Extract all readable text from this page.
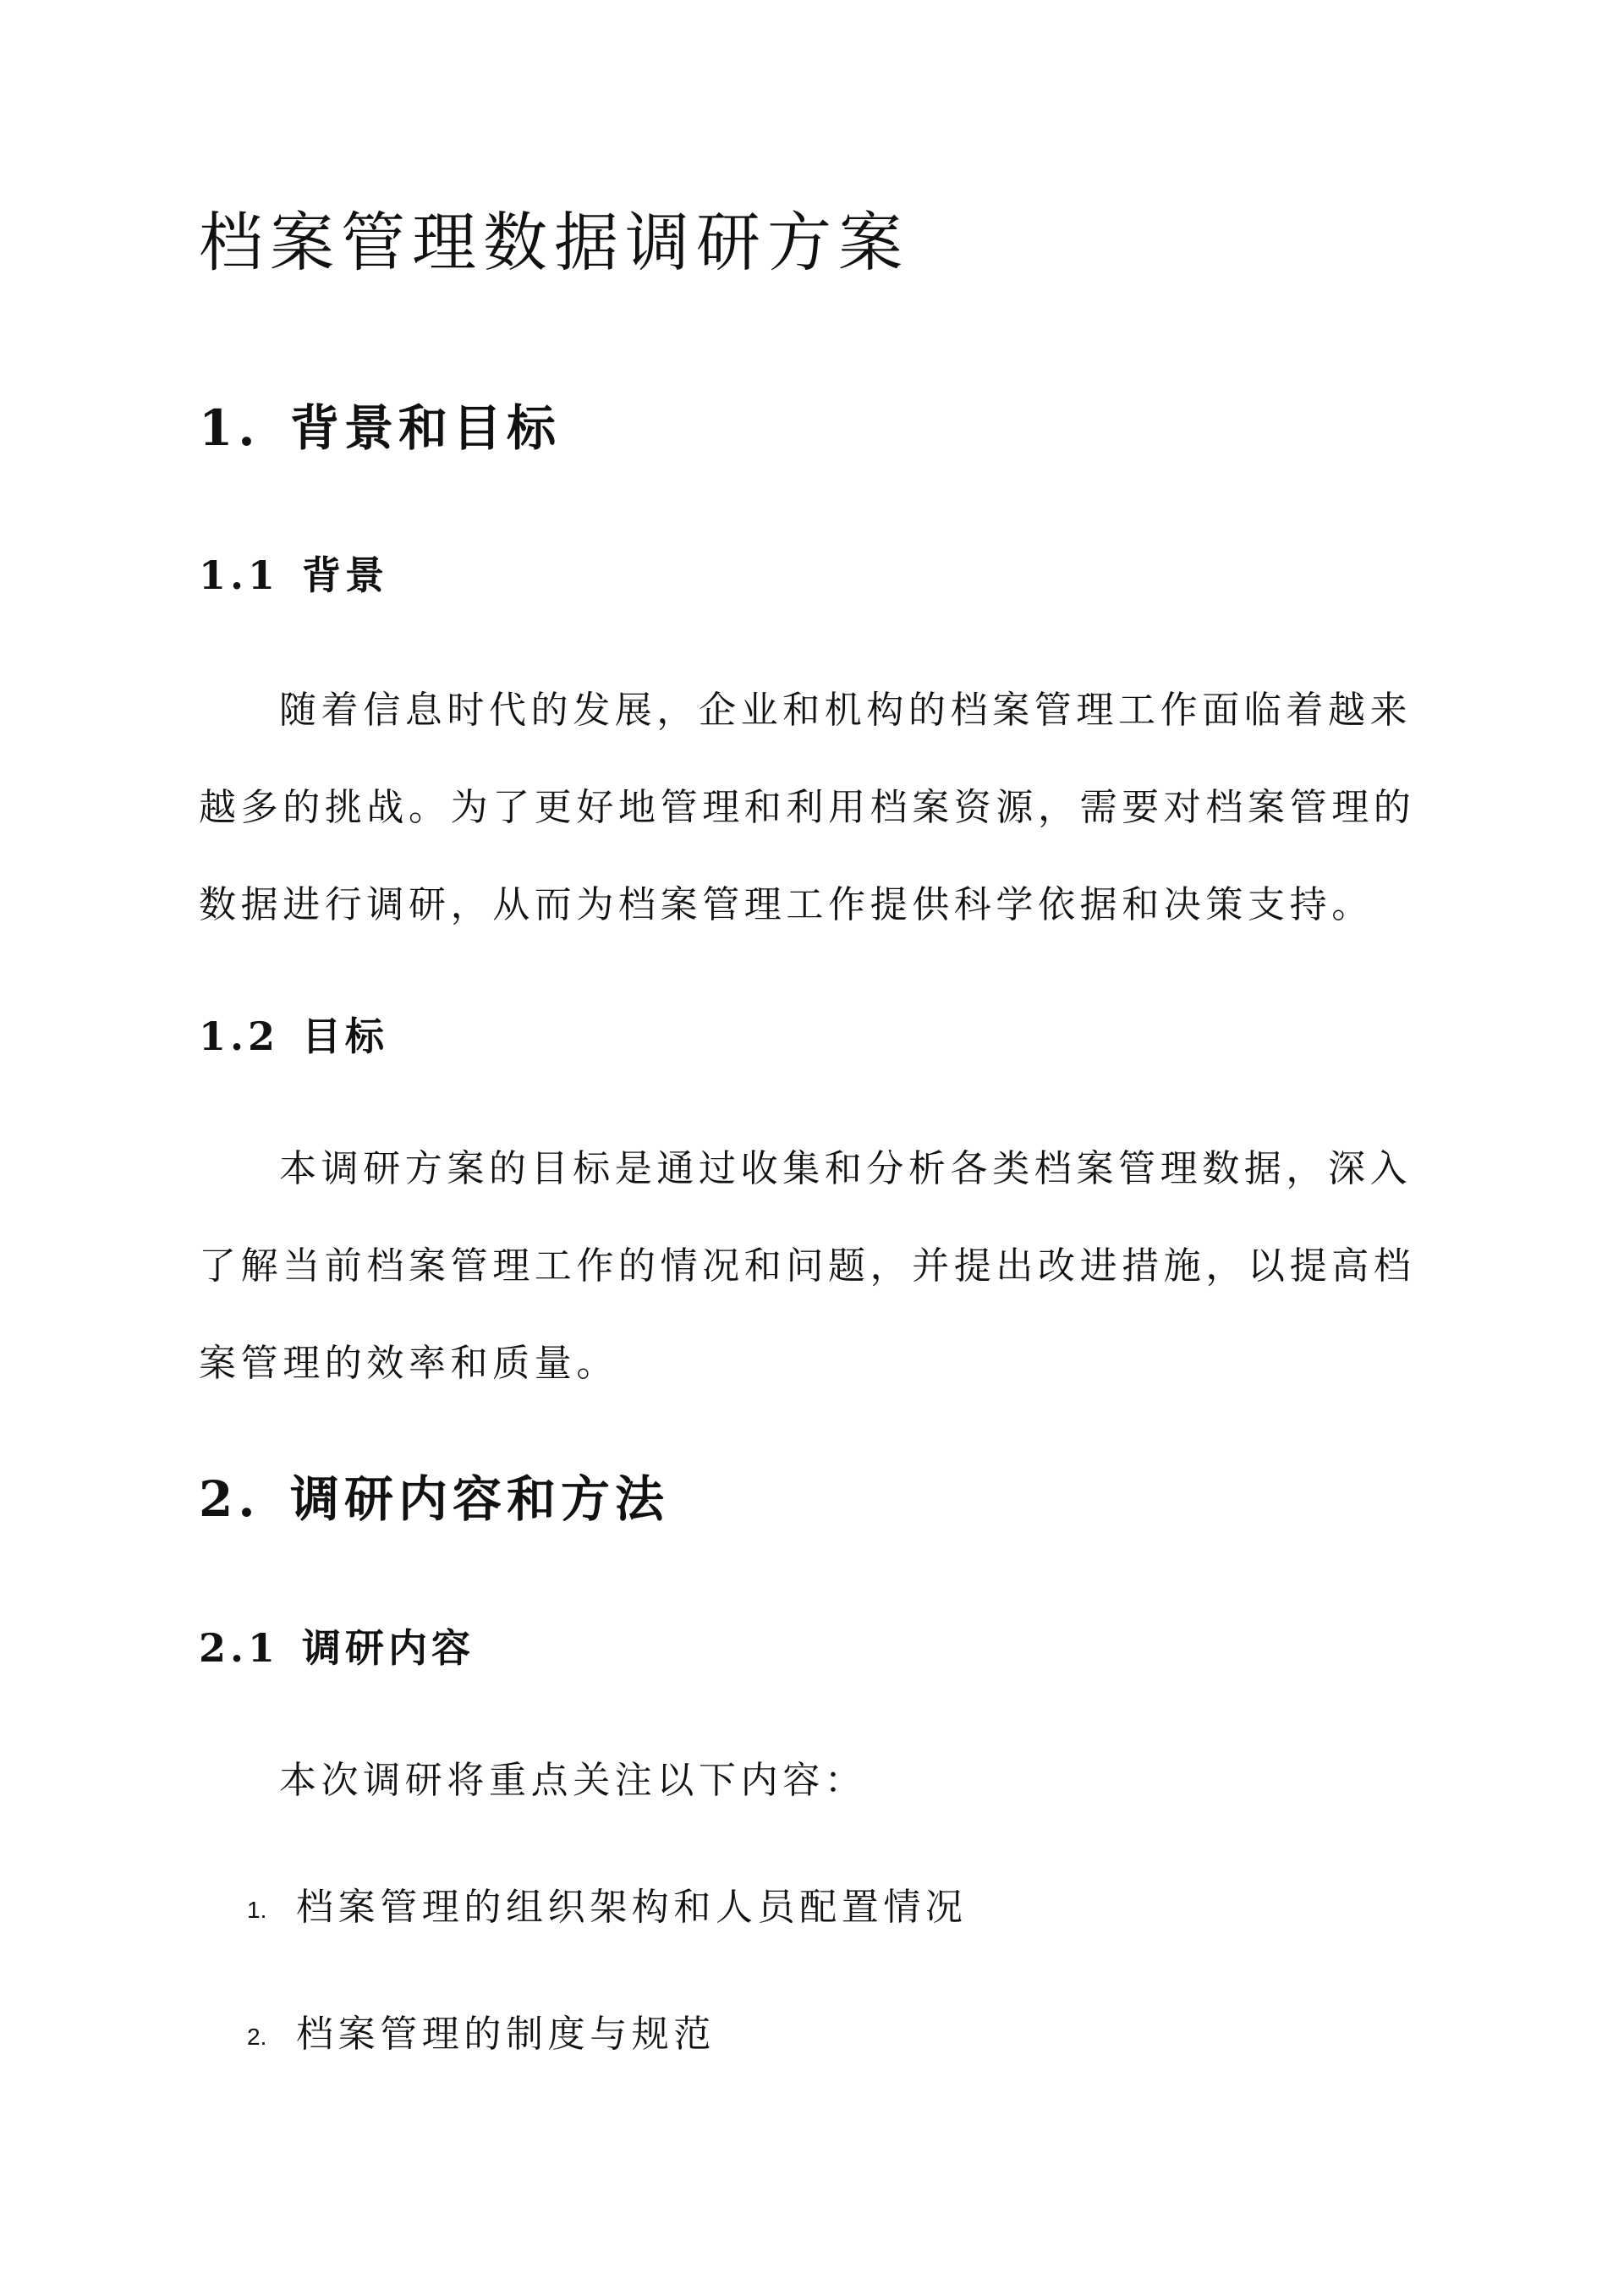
档案管理数据调研方案
1. 背景和目标
1.1 背景
随着信息时代的发展，企业和机构的档案管理工作面临着越来
越多的挑战。为了更好地管理和利用档案资源，需要对档案管理的
数据进行调研，从而为档案管理工作提供科学依据和决策支持。
1.2 目标
本调研方案的目标是通过收集和分析各类档案管理数据，深入
了解当前档案管理工作的情况和问题，并提出改进措施，以提高档
案管理的效率和质量。
2. 调研内容和方法
2.1 调研内容
本次调研将重点关注以下内容：
1. 档案管理的组织架构和人员配置情况
2. 档案管理的制度与规范
